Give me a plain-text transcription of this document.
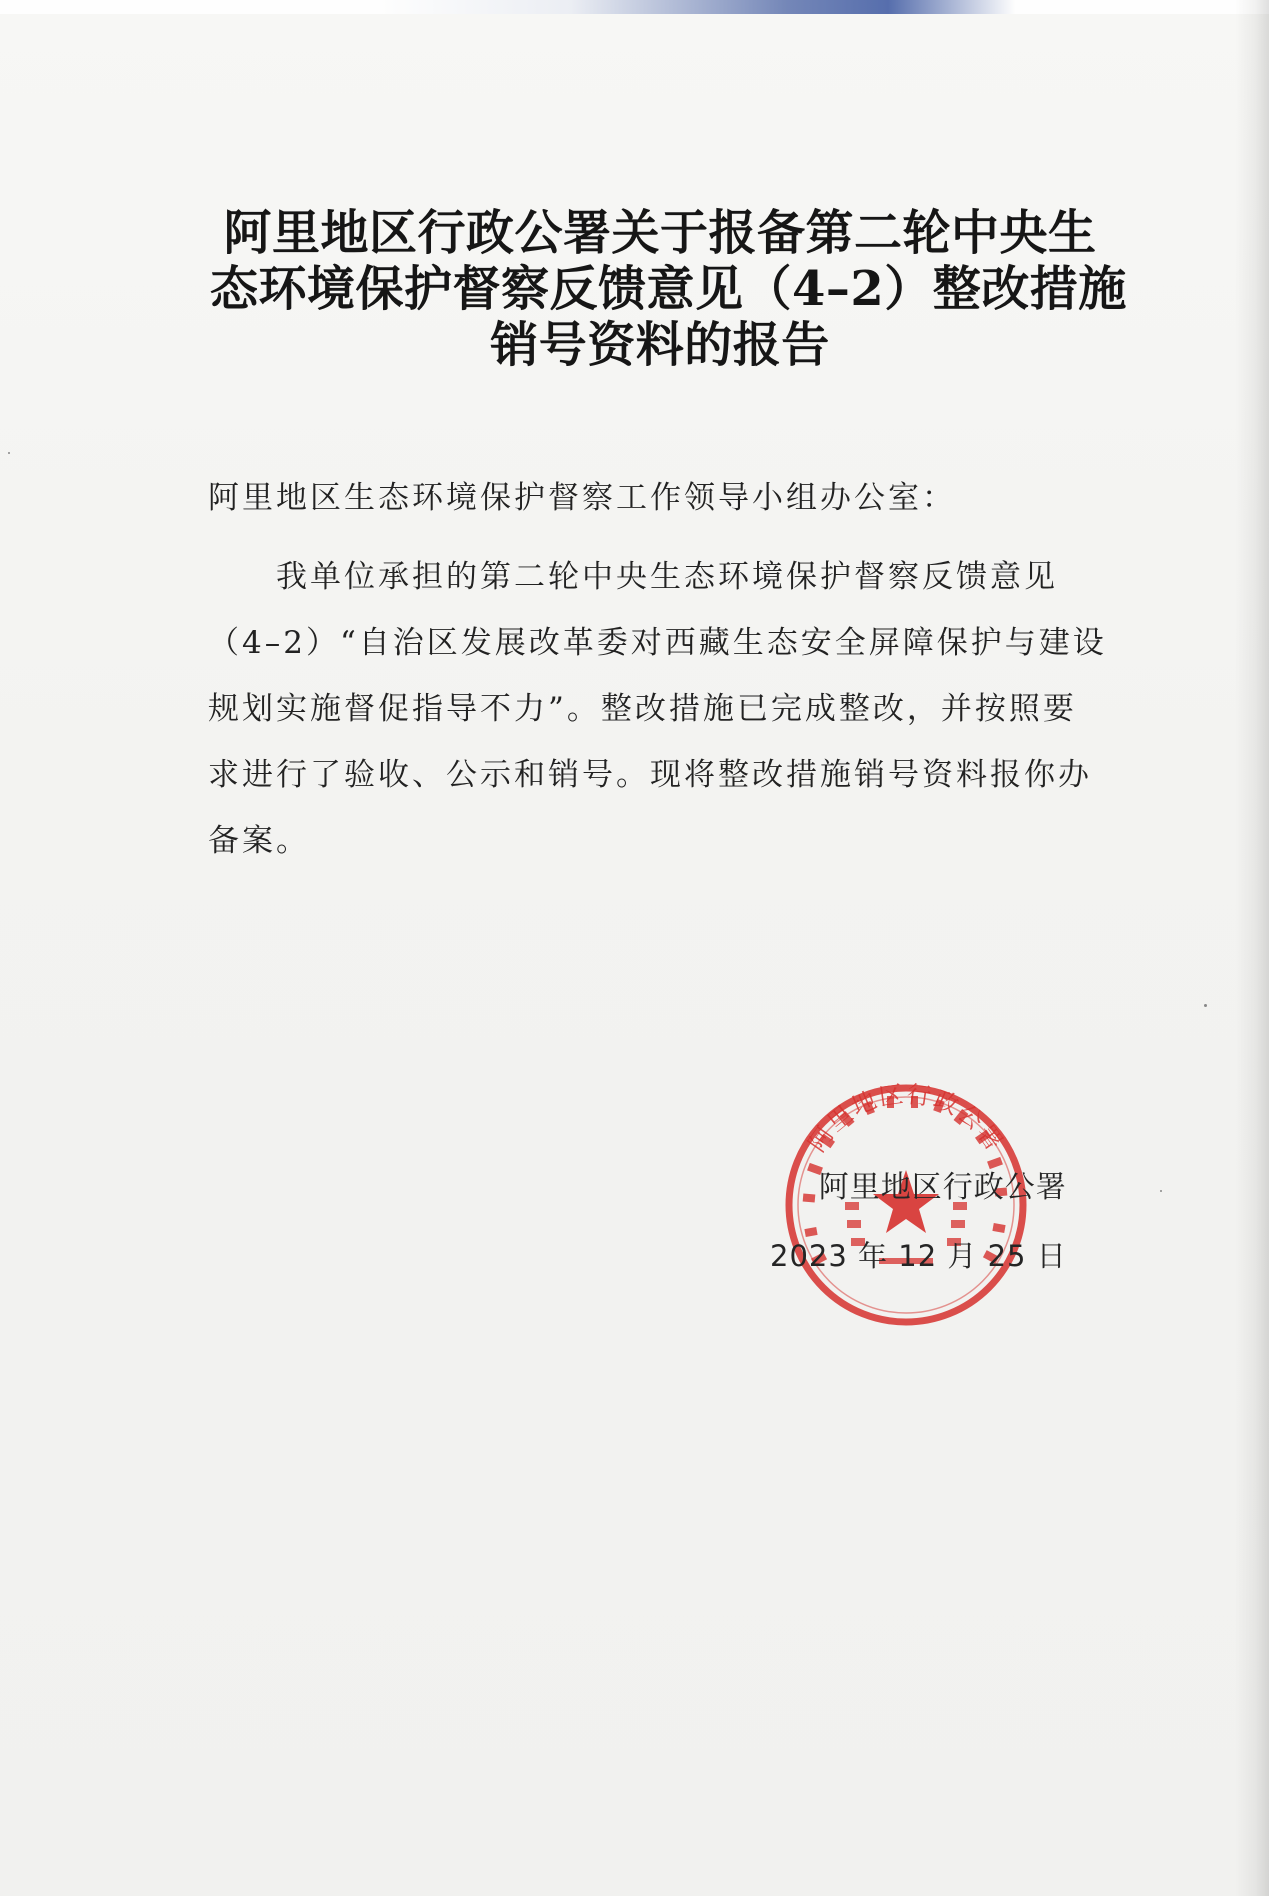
阿里地区行政公署关于报备第二轮中央生
态环境保护督察反馈意见（4–2）整改措施
销号资料的报告
阿里地区生态环境保护督察工作领导小组办公室：
我单位承担的第二轮中央生态环境保护督察反馈意见
（4–2）“自治区发展改革委对西藏生态安全屏障保护与建设
规划实施督促指导不力”。整改措施已完成整改，并按照要
求进行了验收、公示和销号。现将整改措施销号资料报你办
备案。
阿里地区行政公署
阿里地区行政公署
2023 年 12 月 25 日
